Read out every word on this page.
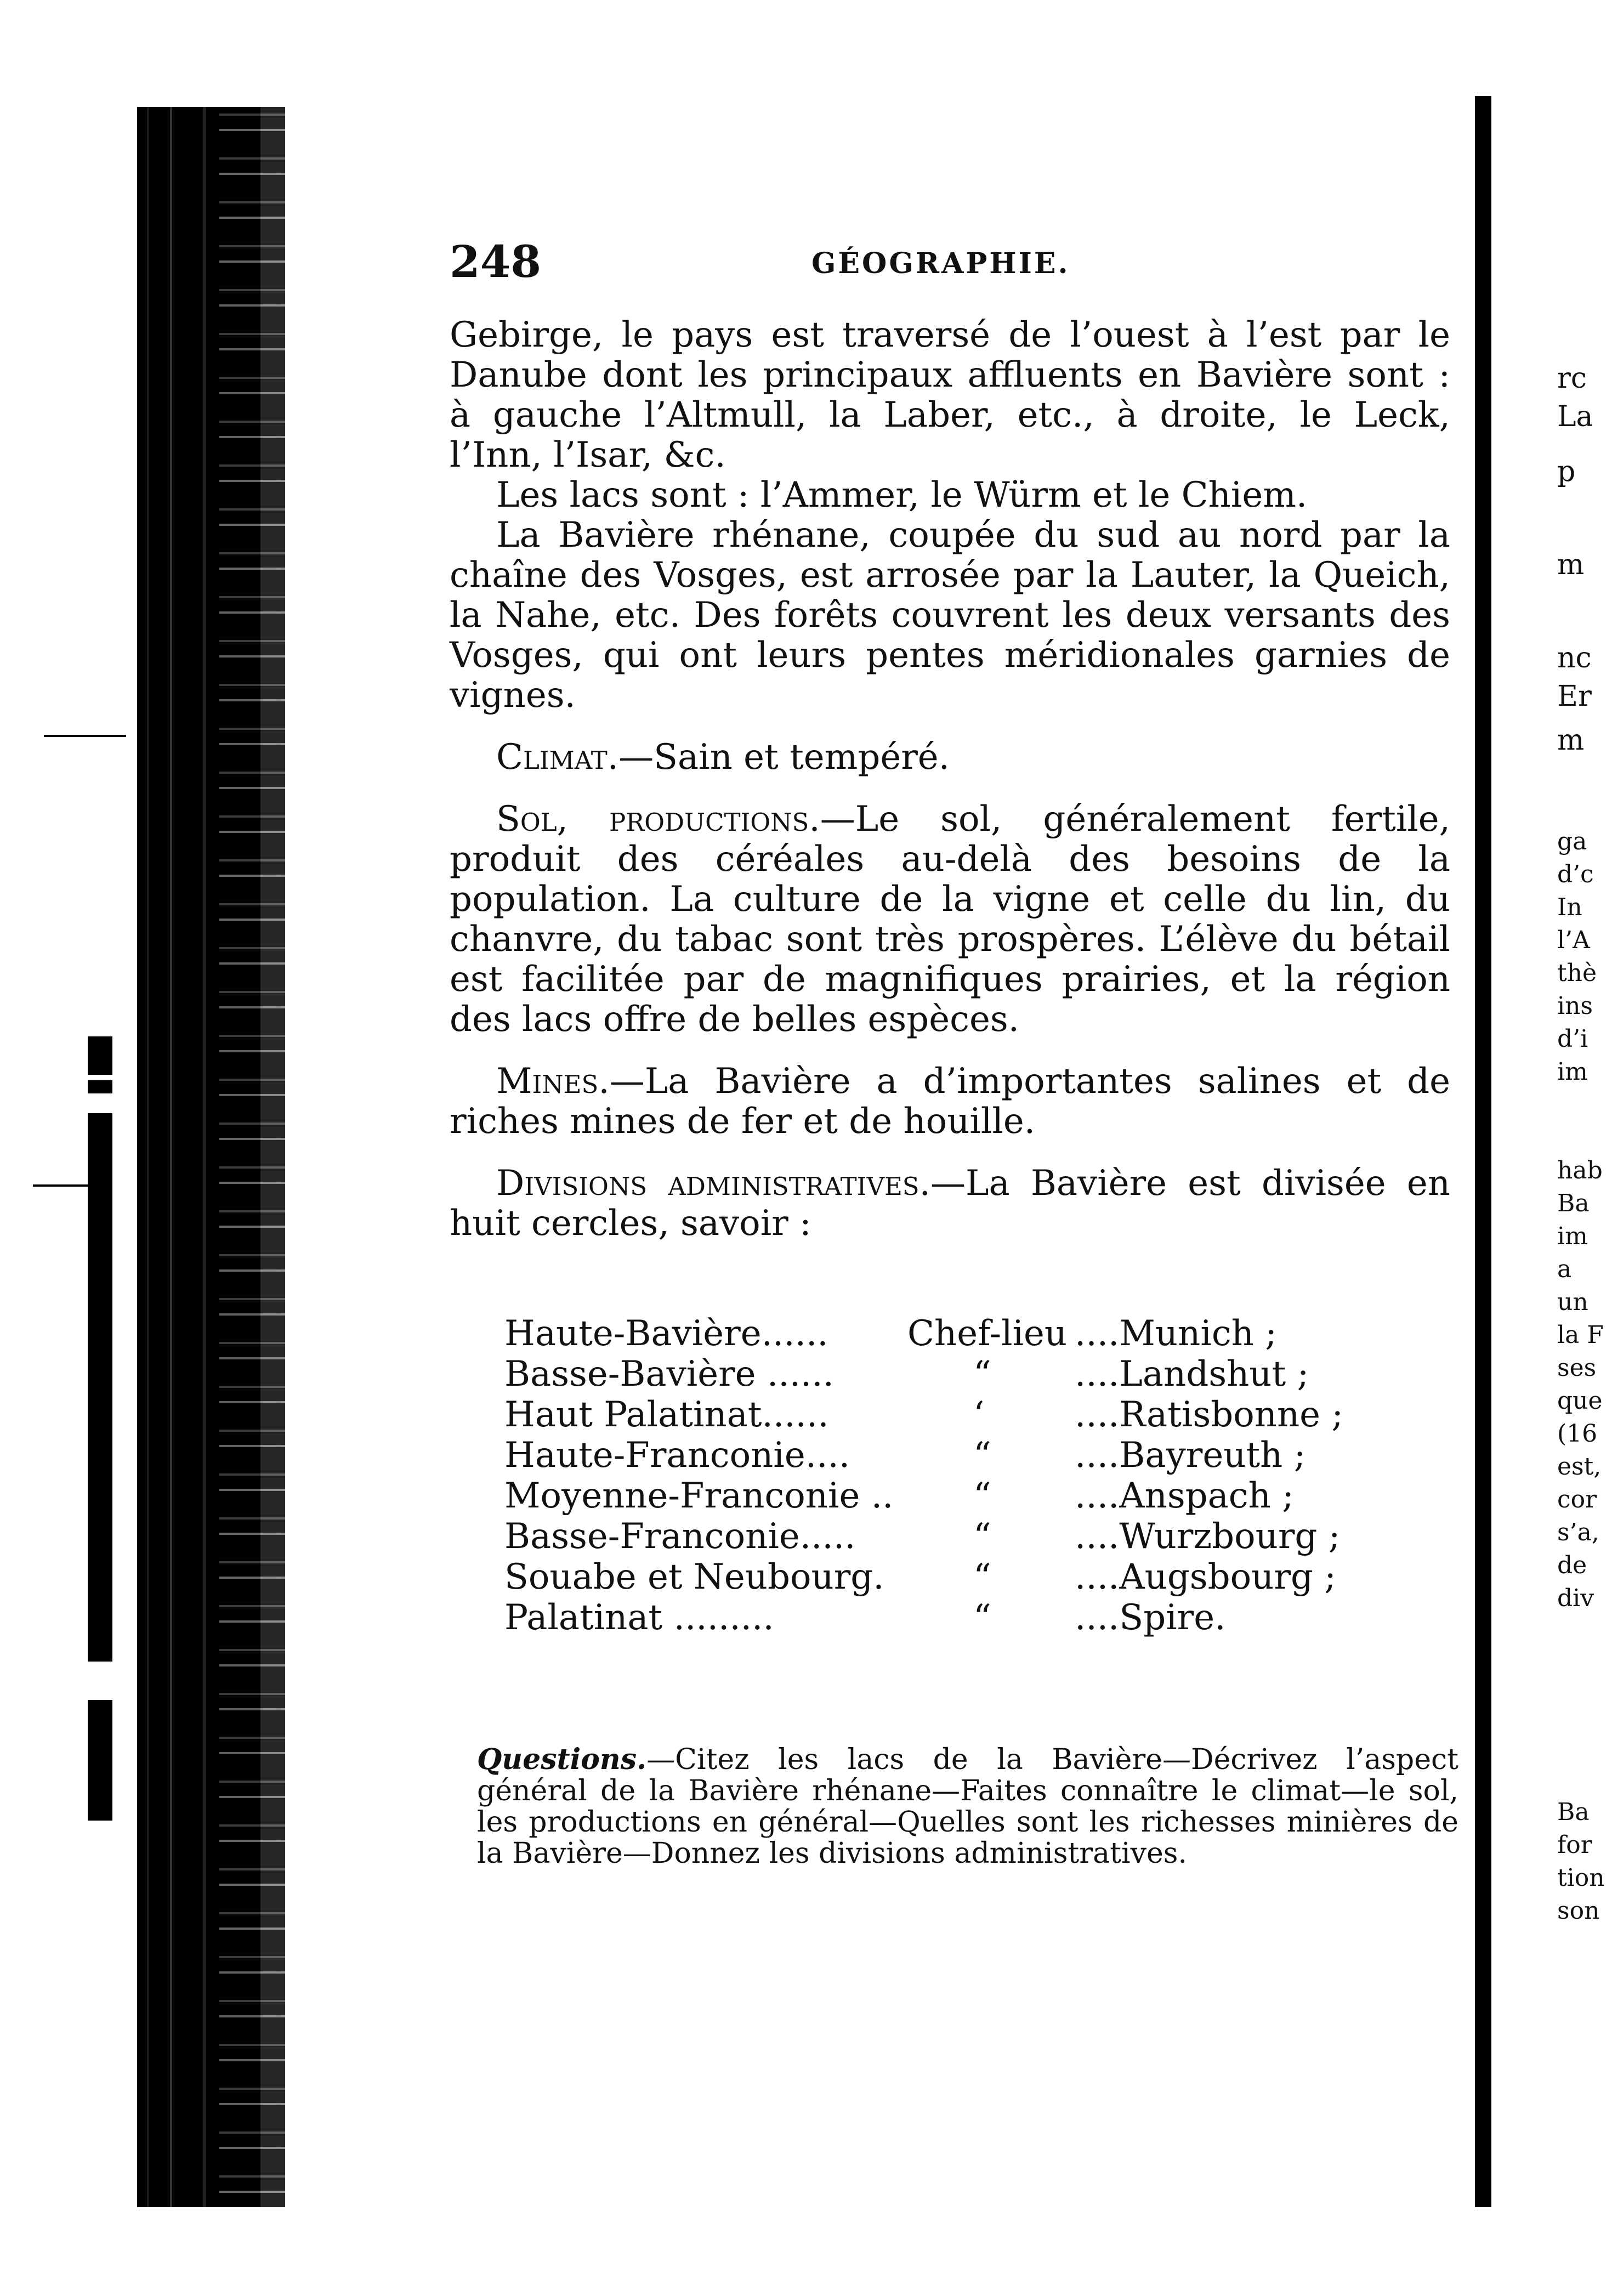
248	GÉOGRAPHIE.

Gebirge, le pays est traversé de l’ouest à l’est par le Danube dont les principaux affluents en Bavière sont : à gauche l’Altmull, la Laber, etc., à droite, le Leck, l’Inn, l’Isar, &c.

Les lacs sont : l’Ammer, le Würm et le Chiem.

La Bavière rhénane, coupée du sud au nord par la chaîne des Vosges, est arrosée par la Lauter, la Queich, la Nahe, etc. Des forêts couvrent les deux versants des Vosges, qui ont leurs pentes méridionales garnies de vignes.

Climat.—Sain et tempéré.

Sol, productions.—Le sol, généralement fertile, produit des céréales au-delà des besoins de la population. La culture de la vigne et celle du lin, du chanvre, du tabac sont très prospères. L’élève du bétail est facilitée par de magnifiques prairies, et la région des lacs offre de belles espèces.

Mines.—La Bavière a d’importantes salines et de riches mines de fer et de houille.

Divisions administratives.—La Bavière est divisée en huit cercles, savoir :

Haute-Bavière...... Chef-lieu ....Munich ;
Basse-Bavière ......	“ ....Landshut ;
Haut Palatinat......	‘	....Ratisbonne ;
Haute-Franconie....	“ ....Bayreuth ;
Moyenne-Franconie .. “ ....Anspach ;
Basse-Franconie.....	“ ....Wurzbourg ;
Souabe et Neubourg.	“ ....Augsbourg ;
Palatinat .........	“ ....Spire.

Questions.—Citez les lacs de la Bavière—Décrivez l’aspect général de la Bavière rhénane—Faites connaître le climat—le sol, les productions en général—Quelles sont les richesses minières de la Bavière—Donnez les divisions administratives.

rc
La
p
m
nc
Er
m
ga
d’c
In
l’A
thè
ins
d’i
im
hab
Ba
im
a
un
la F
ses
que
(16
est,
cor
s’a,
de
div
Ba
for
tion
son
